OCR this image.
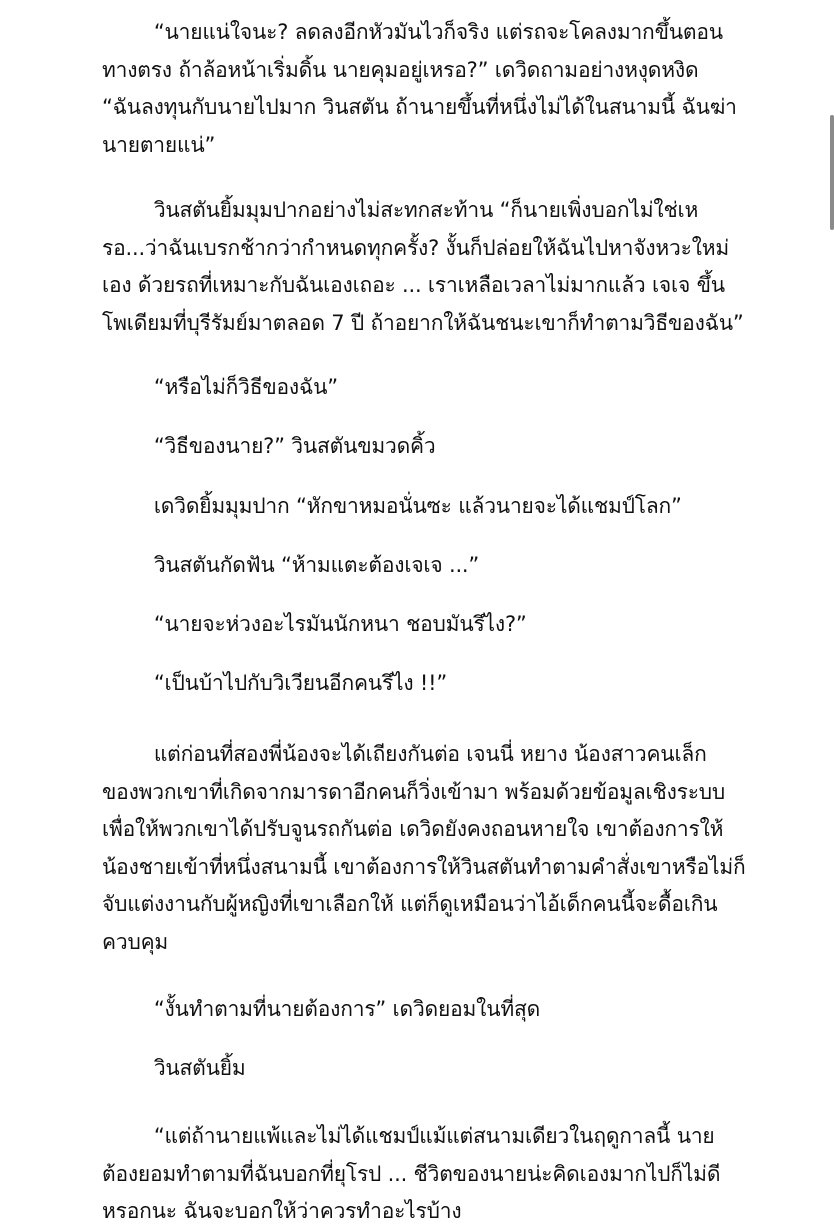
“นายแน่ใจนะ? ลดลงอีกหัวมันไวก็จริง แต่รถจะโคลงมากขึ้นตอน
ทางตรง ถ้าล้อหน้าเริ่มดิ้น นายคุมอยู่เหรอ?” เดวิดถามอย่างหงุดหงิด
“ฉันลงทุนกับนายไปมาก วินสตัน ถ้านายขึ้นที่หนึ่งไม่ได้ในสนามนี้ ฉันฆ่า
นายตายแน่”

วินสตันยิ้มมุมปากอย่างไม่สะทกสะท้าน “ก็นายเพิ่งบอกไม่ใช่เห
รอ...ว่าฉันเบรกช้ากว่ากำหนดทุกครั้ง? งั้นก็ปล่อยให้ฉันไปหาจังหวะใหม่
เอง ด้วยรถที่เหมาะกับฉันเองเถอะ ... เราเหลือเวลาไม่มากแล้ว เจเจ ขึ้น
โพเดียมที่บุรีรัมย์มาตลอด 7 ปี ถ้าอยากให้ฉันชนะเขาก็ทำตามวิธีของฉัน”

“หรือไม่ก็วิธีของฉัน”

“วิธีของนาย?” วินสตันขมวดคิ้ว

เดวิดยิ้มมุมปาก “หักขาหมอนั่นซะ แล้วนายจะได้แชมป์โลก”

วินสตันกัดฟัน “ห้ามแตะต้องเจเจ ...”

“นายจะห่วงอะไรมันนักหนา ชอบมันรึไง?”

“เป็นบ้าไปกับวิเวียนอีกคนรึไง !!”

แต่ก่อนที่สองพี่น้องจะได้เถียงกันต่อ เจนนี่ หยาง น้องสาวคนเล็ก
ของพวกเขาที่เกิดจากมารดาอีกคนก็วิ่งเข้ามา พร้อมด้วยข้อมูลเชิงระบบ
เพื่อให้พวกเขาได้ปรับจูนรถกันต่อ เดวิดยังคงถอนหายใจ เขาต้องการให้
น้องชายเข้าที่หนึ่งสนามนี้ เขาต้องการให้วินสตันทำตามคำสั่งเขาหรือไม่ก็
จับแต่งงานกับผู้หญิงที่เขาเลือกให้ แต่ก็ดูเหมือนว่าไอ้เด็กคนนี้จะดื้อเกิน
ควบคุม

“งั้นทำตามที่นายต้องการ” เดวิดยอมในที่สุด

วินสตันยิ้ม

“แต่ถ้านายแพ้และไม่ได้แชมป์แม้แต่สนามเดียวในฤดูกาลนี้ นาย
ต้องยอมทำตามที่ฉันบอกที่ยุโรป ... ชีวิตของนายน่ะคิดเองมากไปก็ไม่ดี
หรอกนะ ฉันจะบอกให้ว่าควรทำอะไรบ้าง
